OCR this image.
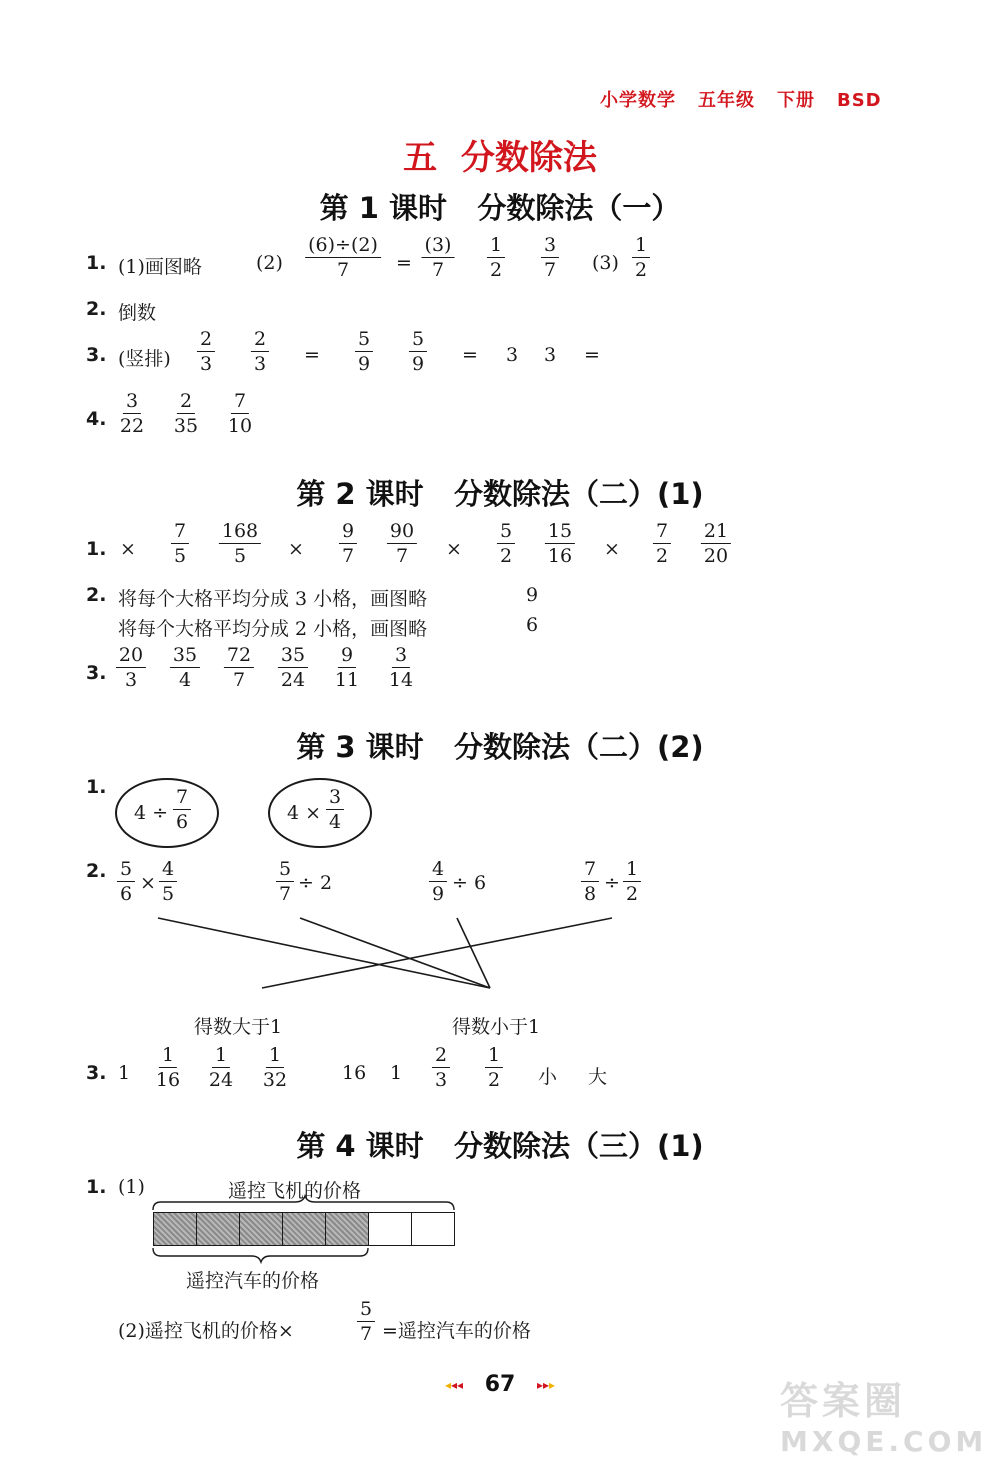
小学数学 五年级 下册 BSD
五  分数除法
第 1 课时   分数除法（一）
1. (1)画图略	$(2) \frac{(6)\div(2)}{7} = \frac{(3)}{7} \frac{1}{2} \frac{3}{7} (3) \frac{1}{2}$
2. 倒数
3. (竖排) $\frac{2}{3} \frac{2}{3} = \frac{5}{9} \frac{5}{9} = 3$ 3 =
4. $\frac{3}{22} \frac{2}{35} \frac{7}{10}$
第 2 课时   分数除法（二）(1)
1. × $\frac{7}{5} \frac{168}{5} \times \frac{9}{7} \frac{90}{7} \times \frac{5}{2} \frac{15}{16} \times \frac{7}{2} \frac{21}{20}$
2. 将每个大格平均分成 3 小格，画图略	9
将每个大格平均分成 2 小格，画图略	6
3. $\frac{20}{3} \frac{35}{4} \frac{72}{7} \frac{35}{24} \frac{9}{11} \frac{3}{14}$
第 3 课时   分数除法（二）(2)
1.
$4 \div \frac{7}{6}$	$4 \times \frac{3}{4}$
2. $\frac{5}{6} \times \frac{4}{5}$	$\frac{5}{7} \div 2$	$\frac{4}{9} \div 6$	$\frac{7}{8} \div \frac{1}{2}$
得数大于1	得数小于1
3. $1 \frac{1}{16} \frac{1}{24} \frac{1}{32}$	16 $1 \frac{2}{3} \frac{1}{2}$ 小 大
第 4 课时   分数除法（三）(1)
1. (1)	遥控飞机的价格
遥控汽车的价格
(2)遥控飞机的价格×	$\frac{5}{7}$ =遥控汽车的价格
◂◂◂ 67 ▸▸▸	答案圈
MXQE.COM
